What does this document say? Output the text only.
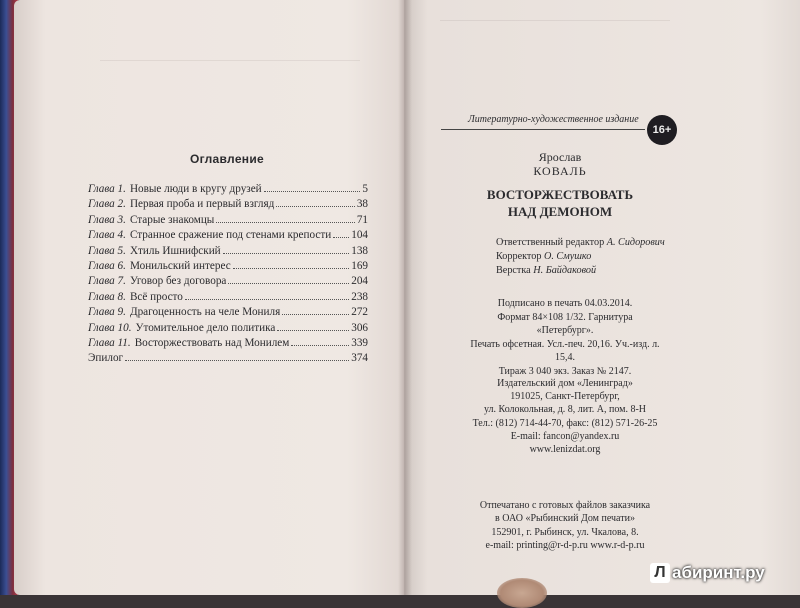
Оглавление
Глава 1. Новые люди в кругу друзей	5
Глава 2. Первая проба и первый взгляд	38
Глава 3. Старые знакомцы	71
Глава 4. Странное сражение под стенами крепости 104
Глава 5. Хтиль Ишнифский	138
Глава 6. Монильский интерес	169
Глава 7. Уговор без договора	204
Глава 8. Всё просто	238
Глава 9. Драгоценность на челе Мониля	272
Глава 10. Утомительное дело политика	306
Глава 11. Восторжествовать над Монилем	339
Эпилог	374
Литературно-художественное издание
16+
Ярослав
КОВАЛЬ
ВОСТОРЖЕСТВОВАТЬ
НАД ДЕМОНОМ
Ответственный редактор А. Сидорович
Корректор О. Смушко
Верстка Н. Байдаковой
Подписано в печать 04.03.2014.
Формат 84×108 1/32. Гарнитура «Петербург».
Печать офсетная. Усл.-печ. 20,16. Уч.-изд. л. 15,4.
Тираж 3 040 экз. Заказ № 2147.
Издательский дом «Ленинград»
191025, Санкт-Петербург,
ул. Колокольная, д. 8, лит. А, пом. 8-Н
Тел.: (812) 714-44-70, факс: (812) 571-26-25
E-mail: fancon@yandex.ru
www.lenizdat.org
Отпечатано с готовых файлов заказчика
в ОАО «Рыбинский Дом печати»
152901, г. Рыбинск, ул. Чкалова, 8.
e-mail: printing@r-d-p.ru www.r-d-p.ru
Л абиринт.ру
